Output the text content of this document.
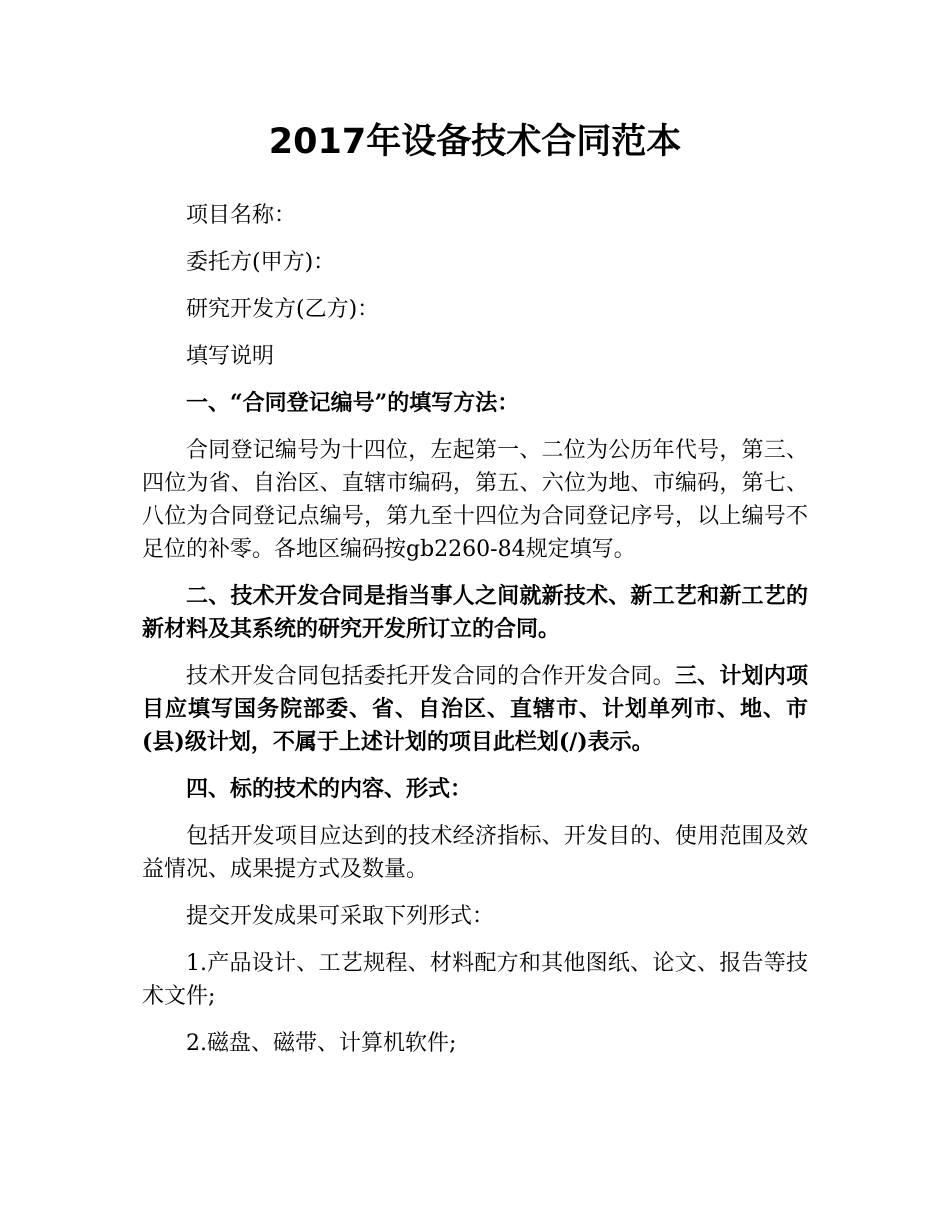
2017年设备技术合同范本

项目名称：

委托方(甲方)：

研究开发方(乙方)：

填写说明

一、“合同登记编号”的填写方法：

合同登记编号为十四位，左起第一、二位为公历年代号，第三、四位为省、自治区、直辖市编码，第五、六位为地、市编码，第七、八位为合同登记点编号，第九至十四位为合同登记序号，以上编号不足位的补零。各地区编码按gb2260-84规定填写。

二、技术开发合同是指当事人之间就新技术、新工艺和新工艺的新材料及其系统的研究开发所订立的合同。

技术开发合同包括委托开发合同的合作开发合同。三、计划内项目应填写国务院部委、省、自治区、直辖市、计划单列市、地、市(县)级计划，不属于上述计划的项目此栏划(/)表示。

四、标的技术的内容、形式：

包括开发项目应达到的技术经济指标、开发目的、使用范围及效益情况、成果提方式及数量。

提交开发成果可采取下列形式：

1.产品设计、工艺规程、材料配方和其他图纸、论文、报告等技术文件;

2.磁盘、磁带、计算机软件;
